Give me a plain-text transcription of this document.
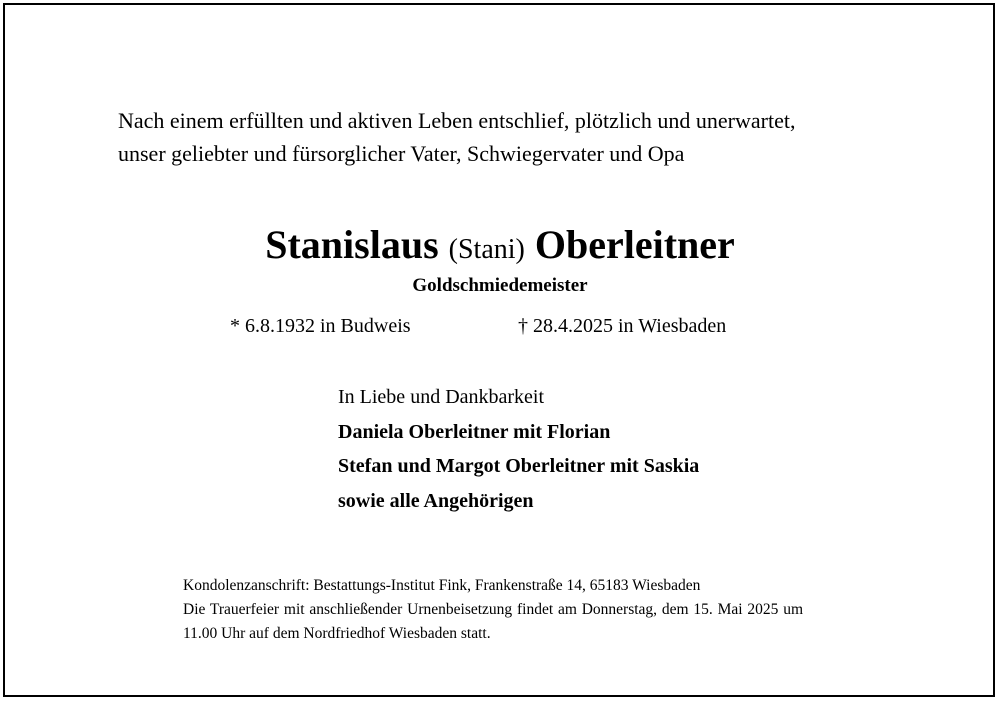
Nach einem erfüllten und aktiven Leben entschlief, plötzlich und unerwartet,
unser geliebter und fürsorglicher Vater, Schwiegervater und Opa
Stanislaus (Stani) Oberleitner
Goldschmiedemeister
* 6.8.1932 in Budweis	† 28.4.2025 in Wiesbaden
In Liebe und Dankbarkeit
Daniela Oberleitner mit Florian
Stefan und Margot Oberleitner mit Saskia
sowie alle Angehörigen
Kondolenzanschrift: Bestattungs-Institut Fink, Frankenstraße 14, 65183 Wiesbaden
Die Trauerfeier mit anschließender Urnenbeisetzung findet am Donnerstag, dem 15. Mai 2025 um 11.00 Uhr auf dem Nordfriedhof Wiesbaden statt.
